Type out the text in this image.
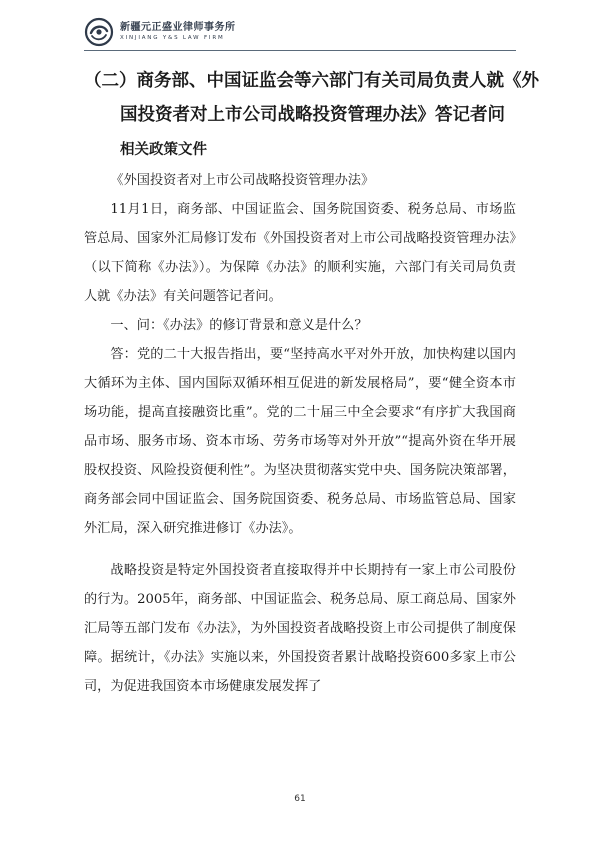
新疆元正盛业律师事务所
XINJIANG Y&S LAW FIRM
（二）商务部、中国证监会等六部门有关司局负责人就《外
国投资者对上市公司战略投资管理办法》答记者问
相关政策文件

《外国投资者对上市公司战略投资管理办法》

11月1日，商务部、中国证监会、国务院国资委、税务总局、市场监管总局、国家外汇局修订发布《外国投资者对上市公司战略投资管理办法》（以下简称《办法》）。为保障《办法》的顺利实施，六部门有关司局负责人就《办法》有关问题答记者问。

一、问：《办法》的修订背景和意义是什么？

答：党的二十大报告指出，要“坚持高水平对外开放，加快构建以国内大循环为主体、国内国际双循环相互促进的新发展格局”，要“健全资本市场功能，提高直接融资比重”。党的二十届三中全会要求“有序扩大我国商品市场、服务市场、资本市场、劳务市场等对外开放”“提高外资在华开展股权投资、风险投资便利性”。为坚决贯彻落实党中央、国务院决策部署，商务部会同中国证监会、国务院国资委、税务总局、市场监管总局、国家外汇局，深入研究推进修订《办法》。

战略投资是特定外国投资者直接取得并中长期持有一家上市公司股份的行为。2005年，商务部、中国证监会、税务总局、原工商总局、国家外汇局等五部门发布《办法》，为外国投资者战略投资上市公司提供了制度保障。据统计，《办法》实施以来，外国投资者累计战略投资600多家上市公司，为促进我国资本市场健康发展发挥了

61
